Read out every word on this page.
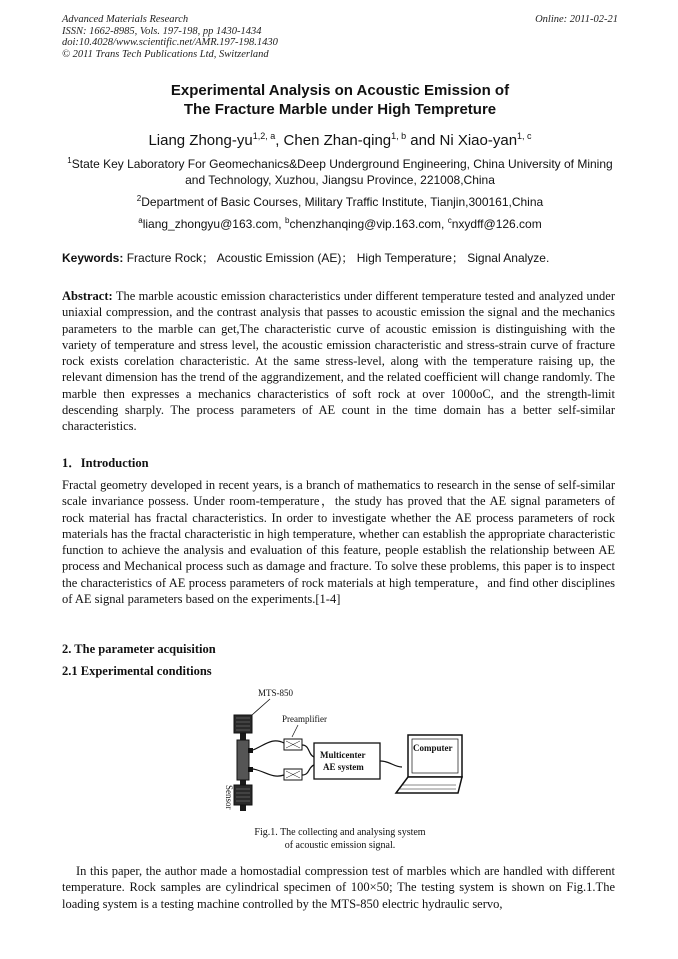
Advanced Materials Research
ISSN: 1662-8985, Vols. 197-198, pp 1430-1434
doi:10.4028/www.scientific.net/AMR.197-198.1430
© 2011 Trans Tech Publications Ltd, Switzerland
Online: 2011-02-21
Experimental Analysis on Acoustic Emission of
The Fracture Marble under High Tempreture
Liang Zhong-yu$^{1,2, a}$, Chen Zhan-qing$^{1, b}$ and Ni Xiao-yan$^{1, c}$
$^1$State Key Laboratory For Geomechanics&Deep Underground Engineering, China University of Mining and Technology, Xuzhou, Jiangsu Province, 221008,China
$^2$Department of Basic Courses, Military Traffic Institute, Tianjin,300161,China
$^a$liang_zhongyu@163.com, $^b$chenzhanqing@vip.163.com, $^c$nxydff@126.com
Keywords: Fracture Rock； Acoustic Emission (AE)； High Temperature； Signal Analyze.
Abstract: The marble acoustic emission characteristics under different temperature tested and analyzed under uniaxial compression, and the contrast analysis that passes to acoustic emission the signal and the mechanics parameters to the marble can get,The characteristic curve of acoustic emission is distinguishing with the variety of temperature and stress level, the acoustic emission characteristic and stress-strain curve of fracture rock exists corelation characteristic. At the same stress-level, along with the temperature raising up, the relevant dimension has the trend of the aggrandizement, and the related coefficient will change randomly. The marble then expresses a mechanics characteristics of soft rock at over 1000oC, and the strength-limit descending sharply. The process parameters of AE count in the time domain has a better self-similar characteristics.
1．Introduction
Fractal geometry developed in recent years, is a branch of mathematics to research in the sense of self-similar scale invariance possess. Under room-temperature，the study has proved that the AE signal parameters of rock material has fractal characteristics. In order to investigate whether the AE process parameters of rock materials has the fractal characteristic in high temperature, whether can establish the appropriate characteristic function to achieve the analysis and evaluation of this feature, people establish the relationship between AE process and Mechanical process such as damage and fracture. To solve these problems, this paper is to inspect the characteristics of AE process parameters of rock materials at high temperature，and find other disciplines of AE signal parameters based on the experiments.[1-4]
2. The parameter acquisition
2.1 Experimental conditions
MTS-850
Sensor
Preamplifier
Multicenter
AE system
Computer
Fig.1. The collecting and analysing system
of acoustic emission signal.
In this paper, the author made a homostadial compression test of marbles which are handled with different temperature. Rock samples are cylindrical specimen of 100×50; The testing system is shown on Fig.1.The loading system is a testing machine controlled by the MTS-850 electric hydraulic servo,
